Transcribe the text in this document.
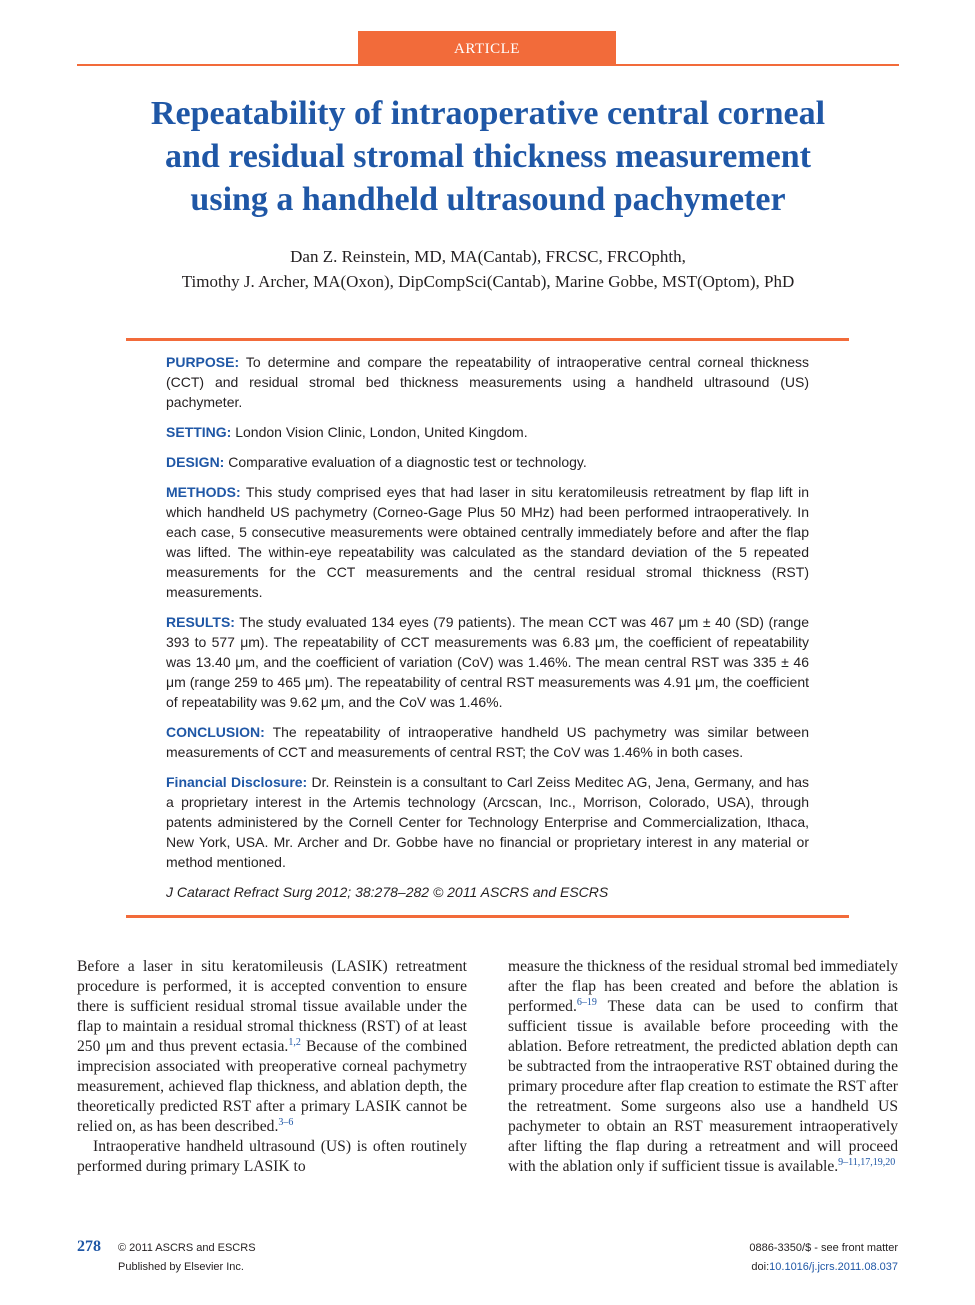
ARTICLE
Repeatability of intraoperative central corneal
and residual stromal thickness measurement
using a handheld ultrasound pachymeter
Dan Z. Reinstein, MD, MA(Cantab), FRCSC, FRCOphth,
Timothy J. Archer, MA(Oxon), DipCompSci(Cantab), Marine Gobbe, MST(Optom), PhD

PURPOSE: To determine and compare the repeatability of intraoperative central corneal thickness (CCT) and residual stromal bed thickness measurements using a handheld ultrasound (US) pachymeter.

SETTING: London Vision Clinic, London, United Kingdom.

DESIGN: Comparative evaluation of a diagnostic test or technology.

METHODS: This study comprised eyes that had laser in situ keratomileusis retreatment by flap lift in which handheld US pachymetry (Corneo-Gage Plus 50 MHz) had been performed intraoperatively. In each case, 5 consecutive measurements were obtained centrally immediately before and after the flap was lifted. The within-eye repeatability was calculated as the standard deviation of the 5 repeated measurements for the CCT measurements and the central residual stromal thickness (RST) measurements.

RESULTS: The study evaluated 134 eyes (79 patients). The mean CCT was 467 μm ± 40 (SD) (range 393 to 577 μm). The repeatability of CCT measurements was 6.83 μm, the coefficient of repeatability was 13.40 μm, and the coefficient of variation (CoV) was 1.46%. The mean central RST was 335 ± 46 μm (range 259 to 465 μm). The repeatability of central RST measurements was 4.91 μm, the coefficient of repeatability was 9.62 μm, and the CoV was 1.46%.

CONCLUSION: The repeatability of intraoperative handheld US pachymetry was similar between measurements of CCT and measurements of central RST; the CoV was 1.46% in both cases.

Financial Disclosure: Dr. Reinstein is a consultant to Carl Zeiss Meditec AG, Jena, Germany, and has a proprietary interest in the Artemis technology (Arcscan, Inc., Morrison, Colorado, USA), through patents administered by the Cornell Center for Technology Enterprise and Commercialization, Ithaca, New York, USA. Mr. Archer and Dr. Gobbe have no financial or proprietary interest in any material or method mentioned.

J Cataract Refract Surg 2012; 38:278–282 © 2011 ASCRS and ESCRS

Before a laser in situ keratomileusis (LASIK) retreatment procedure is performed, it is accepted convention to ensure there is sufficient residual stromal tissue available under the flap to maintain a residual stromal thickness (RST) of at least 250 μm and thus prevent ectasia.$^{1,2}$ Because of the combined imprecision associated with preoperative corneal pachymetry measurement, achieved flap thickness, and ablation depth, the theoretically predicted RST after a primary LASIK cannot be relied on, as has been described.$^{3-6}$

Intraoperative handheld ultrasound (US) is often routinely performed during primary LASIK to

measure the thickness of the residual stromal bed immediately after the flap has been created and before the ablation is performed.$^{6-19}$ These data can be used to confirm that sufficient tissue is available before proceeding with the ablation. Before retreatment, the predicted ablation depth can be subtracted from the intraoperative RST obtained during the primary procedure after flap creation to estimate the RST after the retreatment. Some surgeons also use a handheld US pachymeter to obtain an RST measurement intraoperatively after lifting the flap during a retreatment and will proceed with the ablation only if sufficient tissue is available.$^{9-11,17,19,20}$

278 © 2011 ASCRS and ESCRS
Published by Elsevier Inc.
0886-3350/$ - see front matter
doi:10.1016/j.jcrs.2011.08.037
